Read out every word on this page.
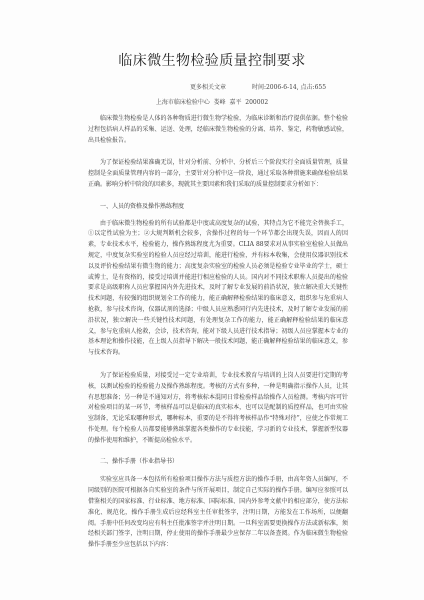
临床微生物检验质量控制要求
更多相关文章	时间:2006-6-14, 点击:655
上海市临床检验中心  娄峰  嘉平  200002

临床微生物检验是人体的各种物质进行微生物学检验，为临床诊断和治疗提供依据。整个检验过程包括病人样品的采集、运送、处理，经临床微生物检验的分离、培养、鉴定，药物敏感试验，出具检验报告。

为了保证检验结果准确无误，针对分析前、分析中、分析后三个阶段实行全面质量管理，质量控制是全面质量管理内容的一部分，主要针对分析中这一阶段，通过采取各种措施来确保检验结果正确。影响分析中阶段的因素多，现就其主要因素和我们采取的质量控制要求分析如下：

一、人员的资格及操作熟练程度

由于临床微生物检验的所有试验都是中度或高度复杂的试验，其特点为它不能完全替换手工，①以定性试验为主；②大规判断机会较多，含操作过程的每一个环节都会出现失误，因而人的因素，专业技术水平，检验能力，操作熟练程度尤为重要。CLIA 88要求对从事实验室检验人员做出规定，中度复杂实验室的检验人员应经过培训，能进行检验，并有标本收集，会使用仪器识别技术以及评价检验结果有微生物的能力；高度复杂实验室的检验人员必须是检验专业毕业的学士，硕士或博士，是有资格的，接受过培训并能进行相应检验的人员。国内对不同技术职称人员提出的检验要求是高级职称人员应掌握国内外先进技术，及时了解专业发展的前沿状况，独立解决重大关键性技术问题，有较强的组织规划全工作的能力，能正确解释检验结果的临床意义，组织参与危重病人抢救，参与技术咨询，仪器试剂的选择；中级人员应熟悉同行内先进技术，及时了解专业发展的前沿状况，独立解决一些关键性技术问题，有处理复杂工作的能力，能正确解释检验结果的临床意义，参与危重病人抢救，会诊，技术咨询，能对下级人员进行技术指导；初级人员应掌握本专业的基本理论和操作技能，在上级人员指导下解决一般技术问题，能正确解释检验结果的临床意义，参与技术咨询。

为了保证检验质量，对接受过一定专业培训，专业技术教育与培训的上岗人员要进行定期的考核，以测试检验的检验能力及操作熟练程度。考核的方式有多种，一种是明确指示操作人员，让其有思想准备；另一种是不通知对方，将考核标本混同日常检验样品给操作人员检测。考核内容可针对检验项目的某一环节，考核样品可以是临床的真实标本，也可以是配制的质控样品，也可由实验室制备，无论采取哪种形式，哪种标本，重要的是不得将考核样品作“特殊对待”，应使之作常规工作处理。每个检验人员都要能够熟练掌握各类操作的专业技能，学习新的专业技术，掌握新型仪器的操作使用和维护，不断提高检验水平。

二、操作手册（作业指导书）

实验室应具备一本包括所有检验项目操作方法与质控方法的操作手册，由高年资人员编写，不同级别的医院可根据各自实验室的条件与所开展项目，制定自己实际的操作手册。编写应参照可以借鉴相关的国家标准、行业标准、地方标准、国际标准、国内外参考文献中的相应部分，使方法标准化、规范化，操作手册生成后应经科室主任审批签字，注明日期，方能发在工作场所，以便翻阅。手册中任何改变均应有科主任批准签字并注明日期。一旦科室需要更换操作方法或新标准，须经相关部门签字，注明日期，停止使用的操作手册最少应保存二年以备查阅。作为临床微生物检验操作手册至少应包括以下内容：
